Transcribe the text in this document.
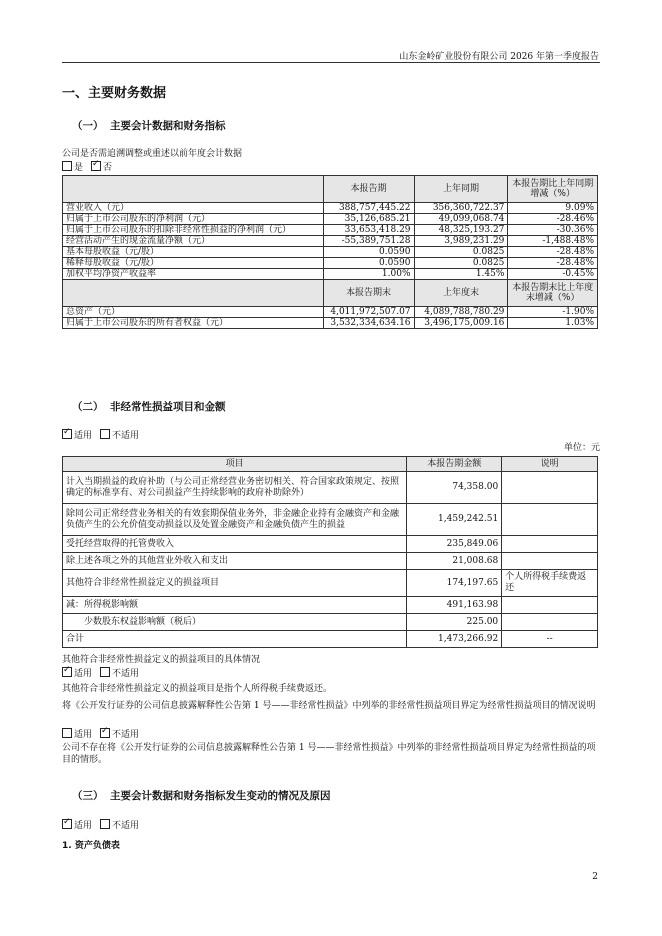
山东金岭矿业股份有限公司 2026 年第一季度报告
一、主要财务数据
（一） 主要会计数据和财务指标
公司是否需追溯调整或重述以前年度会计数据
是 ✓ 否
	本报告期	上年同期	本报告期比上年同期增减（%）
营业收入（元）	388,757,445.22	356,360,722.37	9.09%
归属于上市公司股东的净利润（元）	35,126,685.21	49,099,068.74	-28.46%
归属于上市公司股东的扣除非经常性损益的净利润（元）	33,653,418.29	48,325,193.27	-30.36%
经营活动产生的现金流量净额（元）	-55,389,751.28	3,989,231.29	-1,488.48%
基本每股收益（元/股）	0.0590	0.0825	-28.48%
稀释每股收益（元/股）	0.0590	0.0825	-28.48%
加权平均净资产收益率	1.00%	1.45%	-0.45%
	本报告期末	上年度末	本报告期末比上年度末增减（%）
总资产（元）	4,011,972,507.07	4,089,788,780.29	-1.90%
归属于上市公司股东的所有者权益（元）	3,532,334,634.16	3,496,175,009.16	1.03%
（二） 非经常性损益项目和金额
✓适用 不适用
单位：元
项目	本报告期金额	说明
计入当期损益的政府补助（与公司正常经营业务密切相关、符合国家政策规定、按照确定的标准享有、对公司损益产生持续影响的政府补助除外）	74,358.00	
除同公司正常经营业务相关的有效套期保值业务外，非金融企业持有金融资产和金融负债产生的公允价值变动损益以及处置金融资产和金融负债产生的损益	1,459,242.51	
受托经营取得的托管费收入	235,849.06	
除上述各项之外的其他营业外收入和支出	21,008.68	
其他符合非经常性损益定义的损益项目	174,197.65	个人所得税手续费返还
减：所得税影响额	491,163.98	
少数股东权益影响额（税后）	225.00	
合计	1,473,266.92	--
其他符合非经常性损益定义的损益项目的具体情况
✓适用 不适用
其他符合非经常性损益定义的损益项目是指个人所得税手续费返还。
将《公开发行证券的公司信息披露解释性公告第 1 号——非经常性损益》中列举的非经常性损益项目界定为经常性损益项目的情况说明
适用 ✓ 不适用
公司不存在将《公开发行证券的公司信息披露解释性公告第 1 号——非经常性损益》中列举的非经常性损益项目界定为经常性损益的项目的情形。
（三） 主要会计数据和财务指标发生变动的情况及原因
✓适用 不适用
1. 资产负债表
2
